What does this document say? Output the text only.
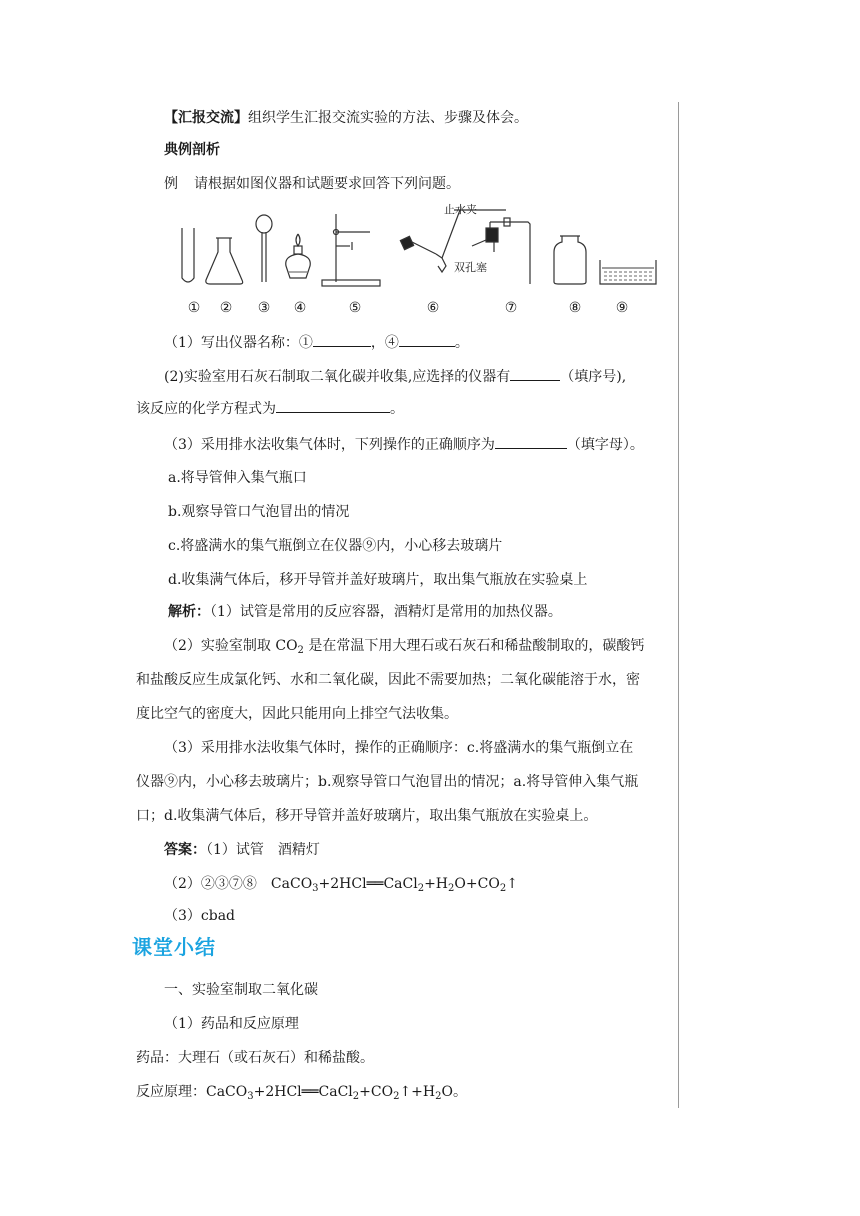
【汇报交流】组织学生汇报交流实验的方法、步骤及体会。
典例剖析
例 请根据如图仪器和试题要求回答下列问题。
止水夹
双孔塞
① ② ③ ④	⑤	⑥	⑦	⑧ ⑨
（1）写出仪器名称：①	，④	。
(2)实验室用石灰石制取二氧化碳并收集,应选择的仪器有	（填序号),
该反应的化学方程式为	。
（3）采用排水法收集气体时，下列操作的正确顺序为	（填字母）。
a.将导管伸入集气瓶口
b.观察导管口气泡冒出的情况
c.将盛满水的集气瓶倒立在仪器⑨内，小心移去玻璃片
d.收集满气体后，移开导管并盖好玻璃片，取出集气瓶放在实验桌上
解析：（1）试管是常用的反应容器，酒精灯是常用的加热仪器。
（2）实验室制取 $CO_2$ 是在常温下用大理石或石灰石和稀盐酸制取的，碳酸钙
和盐酸反应生成氯化钙、水和二氧化碳，因此不需要加热；二氧化碳能溶于水，密
度比空气的密度大，因此只能用向上排空气法收集。
（3）采用排水法收集气体时，操作的正确顺序：c.将盛满水的集气瓶倒立在
仪器⑨内，小心移去玻璃片；b.观察导管口气泡冒出的情况；a.将导管伸入集气瓶
口；d.收集满气体后，移开导管并盖好玻璃片，取出集气瓶放在实验桌上。
答案：（1）试管　酒精灯
（2）②③⑦⑧　$CaCO_3+2HCl══CaCl_2+H_2O+CO_2↑$
（3）cbad
课堂小结
一、实验室制取二氧化碳
（1）药品和反应原理
药品：大理石（或石灰石）和稀盐酸。
反应原理：$CaCO_3+2HCl══CaCl_2+CO_2↑+H_2O$。
